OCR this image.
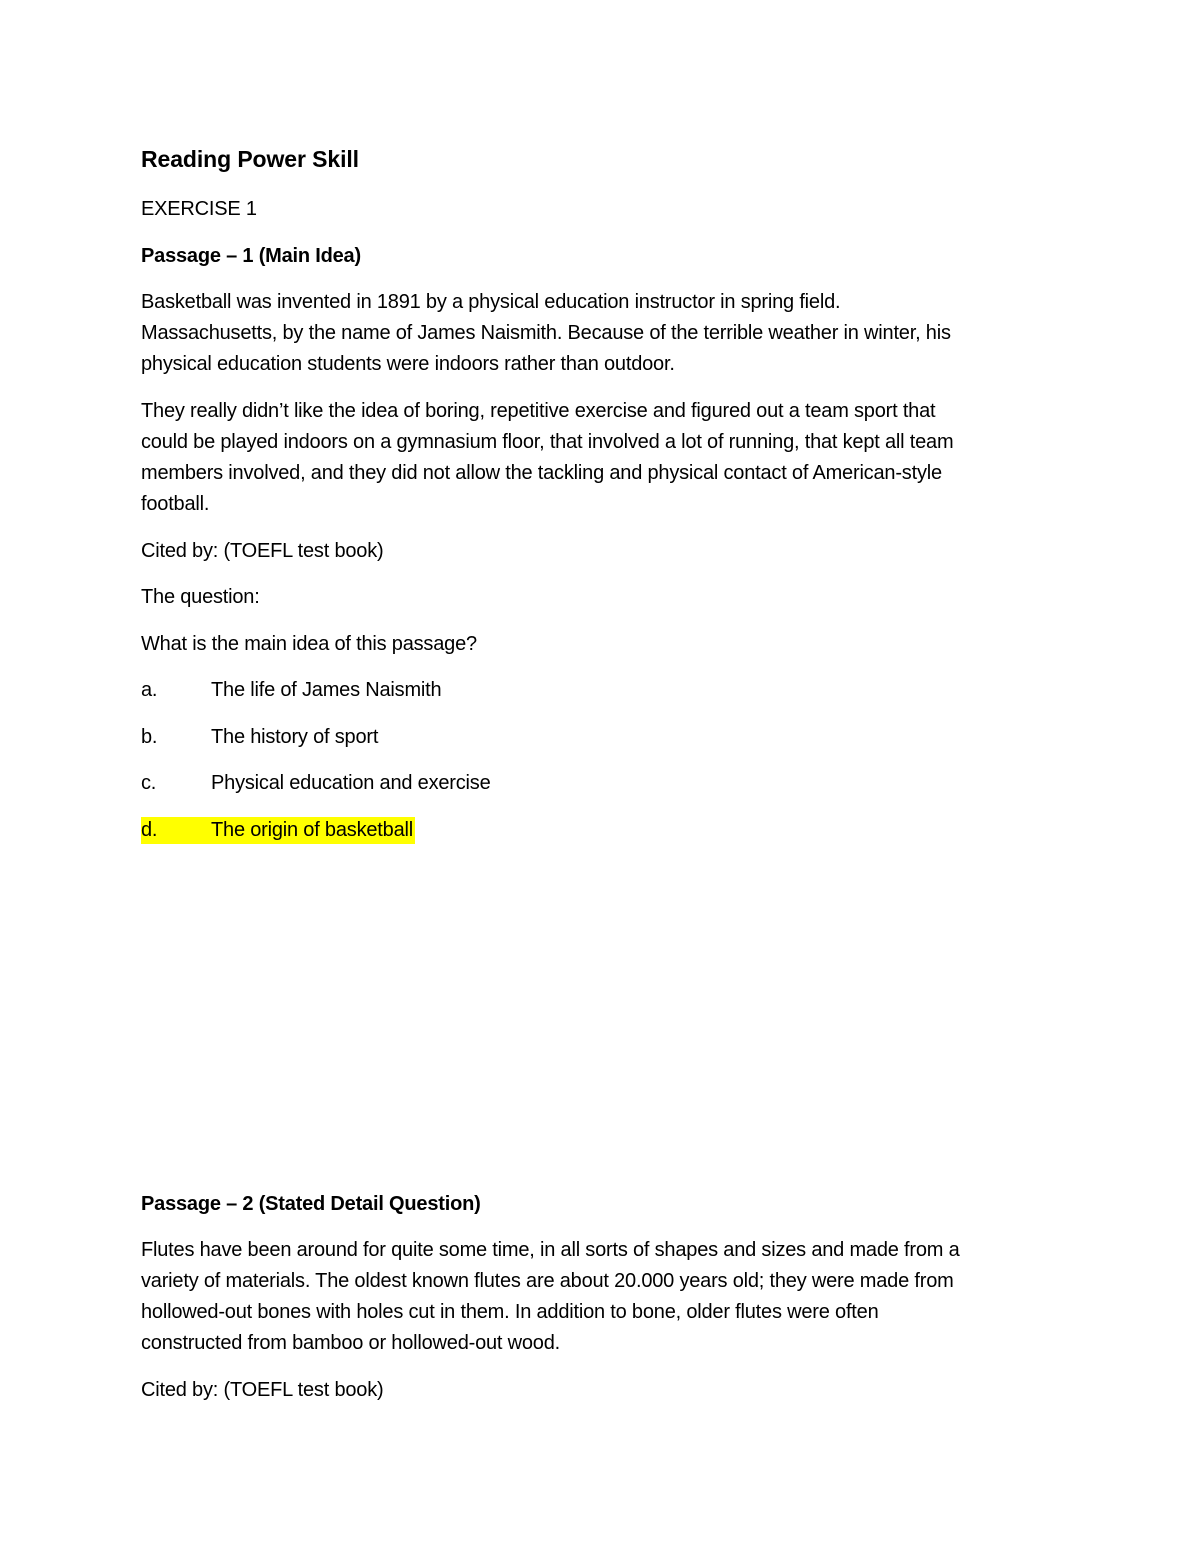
Reading Power Skill
EXERCISE 1
Passage – 1 (Main Idea)
Basketball was invented in 1891 by a physical education instructor in spring field.
Massachusetts, by the name of James Naismith. Because of the terrible weather in winter, his
physical education students were indoors rather than outdoor.
They really didn’t like the idea of boring, repetitive exercise and figured out a team sport that
could be played indoors on a gymnasium floor, that involved a lot of running, that kept all team
members involved, and they did not allow the tackling and physical contact of American-style
football.
Cited by: (TOEFL test book)
The question:
What is the main idea of this passage?
a.	The life of James Naismith
b.	The history of sport
c.	Physical education and exercise
d.	The origin of basketball
Passage – 2 (Stated Detail Question)
Flutes have been around for quite some time, in all sorts of shapes and sizes and made from a
variety of materials. The oldest known flutes are about 20.000 years old; they were made from
hollowed-out bones with holes cut in them. In addition to bone, older flutes were often
constructed from bamboo or hollowed-out wood.
Cited by: (TOEFL test book)
